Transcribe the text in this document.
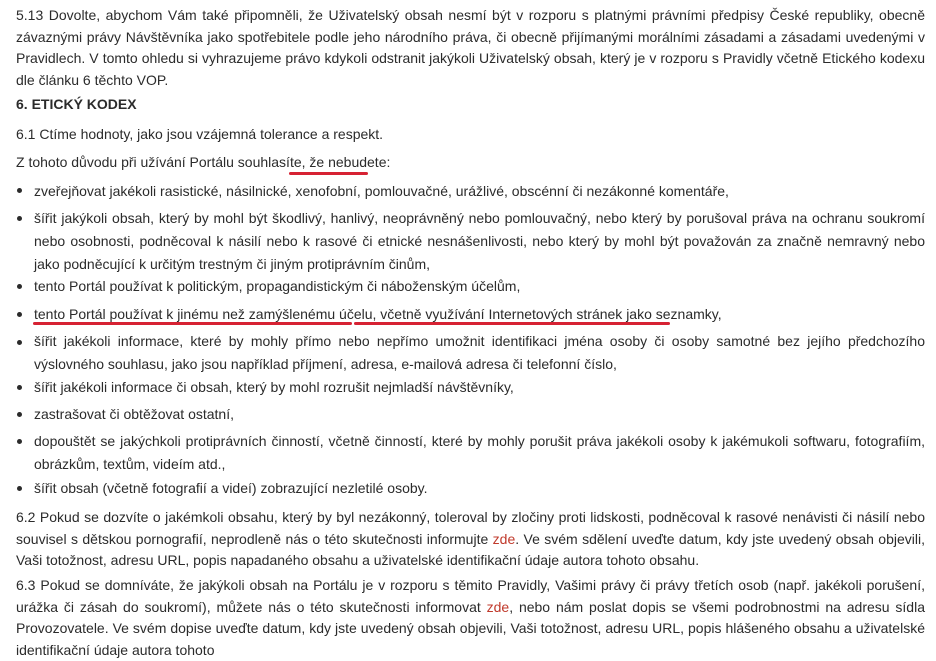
5.13 Dovolte, abychom Vám také připomněli, že Uživatelský obsah nesmí být v rozporu s platnými právními předpisy České republiky, obecně závaznými právy Návštěvníka jako spotřebitele podle jeho národního práva, či obecně přijímanými morálními zásadami a zásadami uvedenými v Pravidlech. V tomto ohledu si vyhrazujeme právo kdykoli odstranit jakýkoli Uživatelský obsah, který je v rozporu s Pravidly včetně Etického kodexu dle článku 6 těchto VOP.

6. ETICKÝ KODEX

6.1 Ctíme hodnoty, jako jsou vzájemná tolerance a respekt.

Z tohoto důvodu při užívání Portálu souhlasíte, že nebudete:

zveřejňovat jakékoli rasistické, násilnické, xenofobní, pomlouvačné, urážlivé, obscénní či nezákonné komentáře,

šířit jakýkoli obsah, který by mohl být škodlivý, hanlivý, neoprávněný nebo pomlouvačný, nebo který by porušoval práva na ochranu soukromí nebo osobnosti, podněcoval k násilí nebo k rasové či etnické nesnášenlivosti, nebo který by mohl být považován za značně nemravný nebo jako podněcující k určitým trestným či jiným protiprávním činům,

tento Portál používat k politickým, propagandistickým či náboženským účelům,

tento Portál používat k jinému než zamýšlenému účelu, včetně využívání Internetových stránek jako seznamky,

šířit jakékoli informace, které by mohly přímo nebo nepřímo umožnit identifikaci jména osoby či osoby samotné bez jejího předchozího výslovného souhlasu, jako jsou například příjmení, adresa, e-mailová adresa či telefonní číslo,

šířit jakékoli informace či obsah, který by mohl rozrušit nejmladší návštěvníky,

zastrašovat či obtěžovat ostatní,

dopouštět se jakýchkoli protiprávních činností, včetně činností, které by mohly porušit práva jakékoli osoby k jakémukoli softwaru, fotografiím, obrázkům, textům, videím atd.,

šířit obsah (včetně fotografií a videí) zobrazující nezletilé osoby.

6.2 Pokud se dozvíte o jakémkoli obsahu, který by byl nezákonný, toleroval by zločiny proti lidskosti, podněcoval k rasové nenávisti či násilí nebo souvisel s dětskou pornografií, neprodleně nás o této skutečnosti informujte zde. Ve svém sdělení uveďte datum, kdy jste uvedený obsah objevili, Vaši totožnost, adresu URL, popis napadaného obsahu a uživatelské identifikační údaje autora tohoto obsahu.

6.3 Pokud se domníváte, že jakýkoli obsah na Portálu je v rozporu s těmito Pravidly, Vašimi právy či právy třetích osob (např. jakékoli porušení, urážka či zásah do soukromí), můžete nás o této skutečnosti informovat zde, nebo nám poslat dopis se všemi podrobnostmi na adresu sídla Provozovatele. Ve svém dopise uveďte datum, kdy jste uvedený obsah objevili, Vaši totožnost, adresu URL, popis hlášeného obsahu a uživatelské identifikační údaje autora tohoto
